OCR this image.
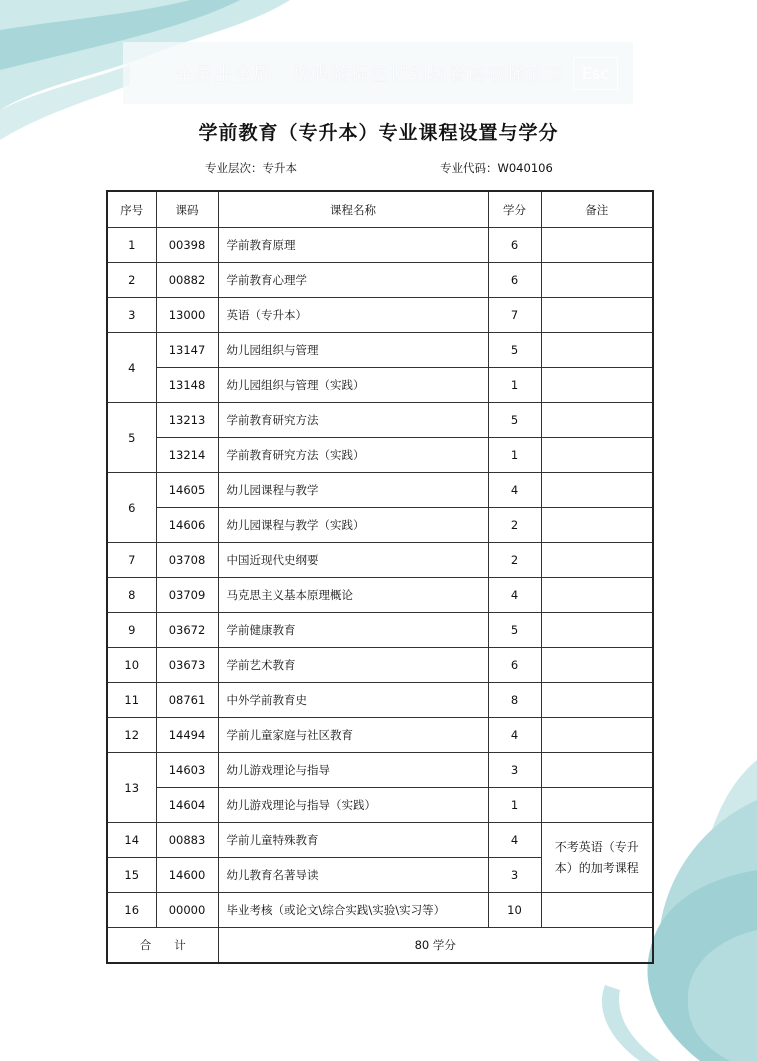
全屏出全屏、按鸣随标签切到题看高视播放页	Esc
学前教育（专升本）专业课程设置与学分
专业层次：专升本	专业代码：W040106
序号	课码	课程名称	学分	备注
1	00398	学前教育原理	6	
2	00882	学前教育心理学	6	
3	13000	英语（专升本）	7	
4	13147	幼儿园组织与管理	5	
	13148	幼儿园组织与管理（实践）	1	
5	13213	学前教育研究方法	5	
	13214	学前教育研究方法（实践）	1	
6	14605	幼儿园课程与教学	4	
	14606	幼儿园课程与教学（实践）	2	
7	03708	中国近现代史纲要	2	
8	03709	马克思主义基本原理概论	4	
9	03672	学前健康教育	5	
10	03673	学前艺术教育	6	
11	08761	中外学前教育史	8	
12	14494	学前儿童家庭与社区教育	4	
13	14603	幼儿游戏理论与指导	3	
	14604	幼儿游戏理论与指导（实践）	1	
14	00883	学前儿童特殊教育	4	不考英语（专升本）的加考课程
15	14600	幼儿教育名著导读	3	
16	00000	毕业考核（或论文\综合实践\实验\实习等）	10	
合　　计		80 学分		
